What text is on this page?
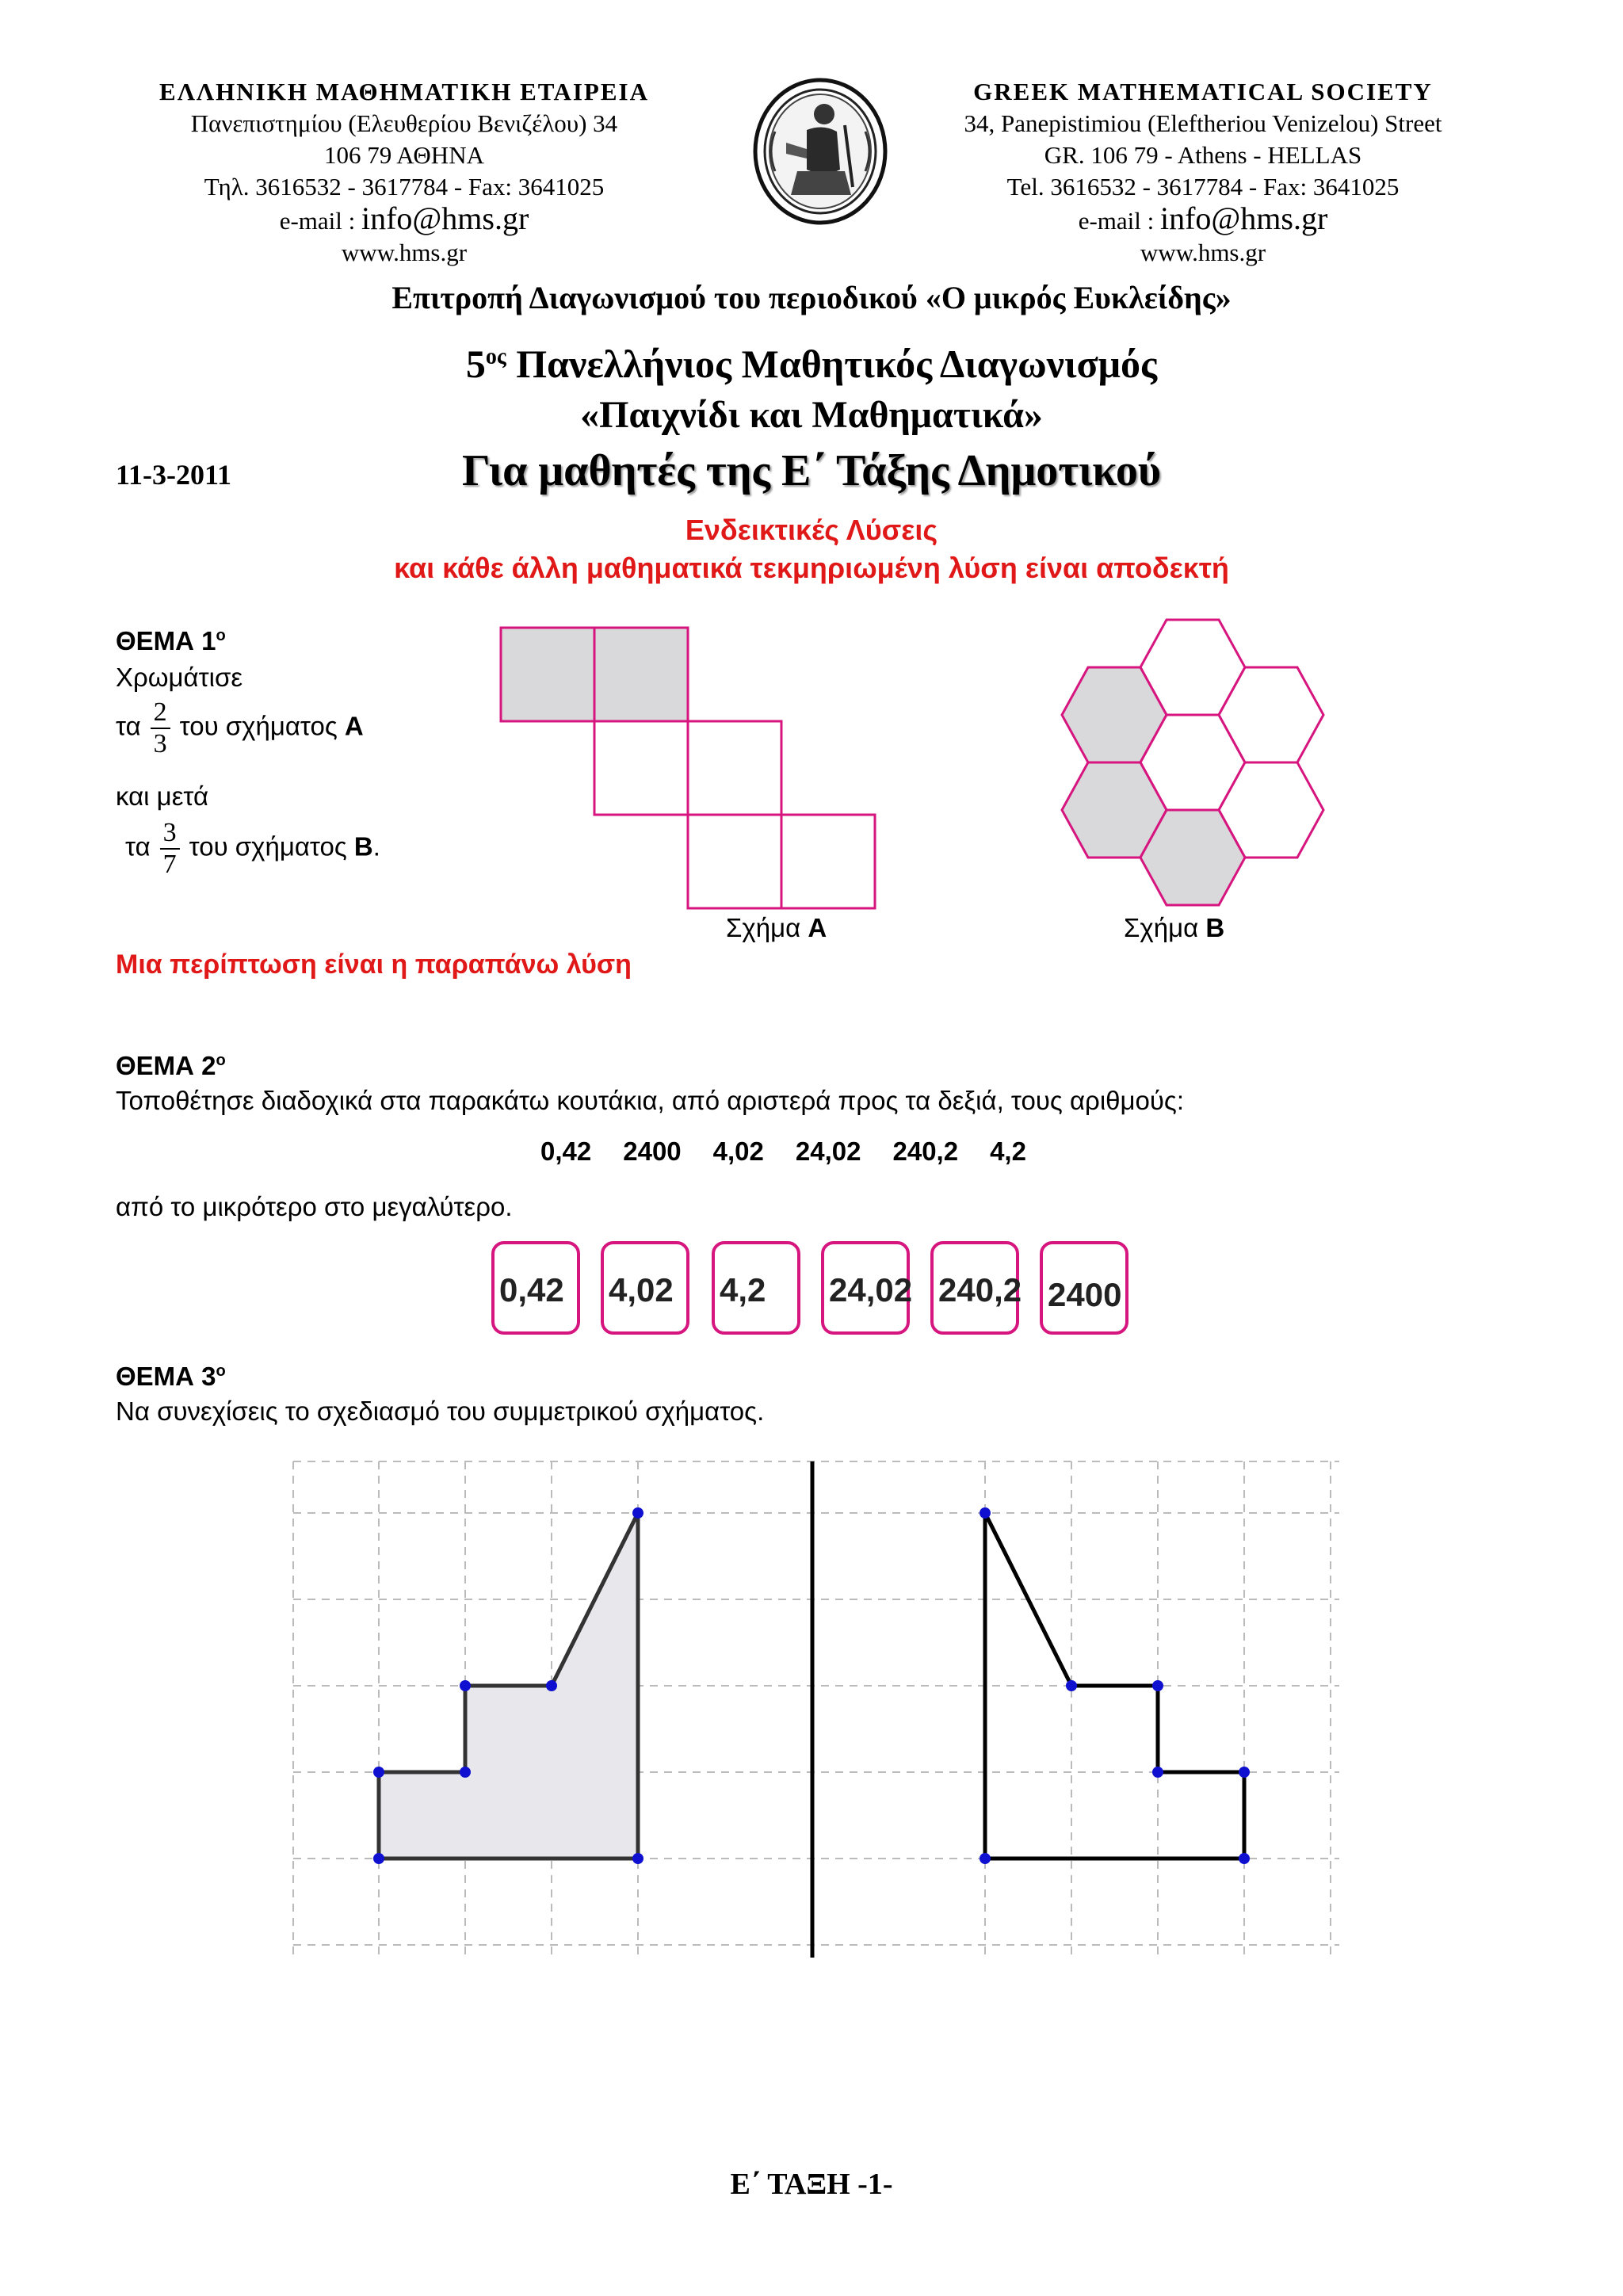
ΕΛΛΗΝΙΚΗ ΜΑΘΗΜΑΤΙΚΗ ΕΤΑΙΡΕΙΑ
Πανεπιστημίου (Ελευθερίου Βενιζέλου) 34
106 79 ΑΘΗΝΑ
Τηλ. 3616532 - 3617784 - Fax: 3641025
e-mail : info@hms.gr
www.hms.gr
GREEK MATHEMATICAL SOCIETY
34, Panepistimiou (Eleftheriou Venizelou) Street
GR. 106 79 - Athens - HELLAS
Tel. 3616532 - 3617784 - Fax: 3641025
e-mail : info@hms.gr
www.hms.gr
Επιτροπή Διαγωνισμού του περιοδικού «Ο μικρός Ευκλείδης»
$5^{o\varsigma}$ Πανελλήνιος Μαθητικός Διαγωνισμός
«Παιχνίδι και Μαθηματικά»
11-3-2011	Για μαθητές της Ε΄ Τάξης Δημοτικού
Ενδεικτικές Λύσεις
και κάθε άλλη μαθηματικά τεκμηριωμένη λύση είναι αποδεκτή
ΘΕΜΑ $1^o$
Χρωμάτισε
τα $\frac{2}{3}$ του σχήματος Α
και μετά
τα $\frac{3}{7}$ του σχήματος Β.
Σχήμα Α	Σχήμα Β
Μια περίπτωση είναι η παραπάνω λύση
ΘΕΜΑ $2^o$
Τοποθέτησε διαδοχικά στα παρακάτω κουτάκια, από αριστερά προς τα δεξιά, τους αριθμούς:
0,42 2400 4,02 24,02 240,2 4,2
από το μικρότερο στο μεγαλύτερο.
0,42 4,02 4,2 24,02 240,2 2400
ΘΕΜΑ $3^o$
Να συνεχίσεις το σχεδιασμό του συμμετρικού σχήματος.
Ε΄ ΤΑΞΗ -1-
